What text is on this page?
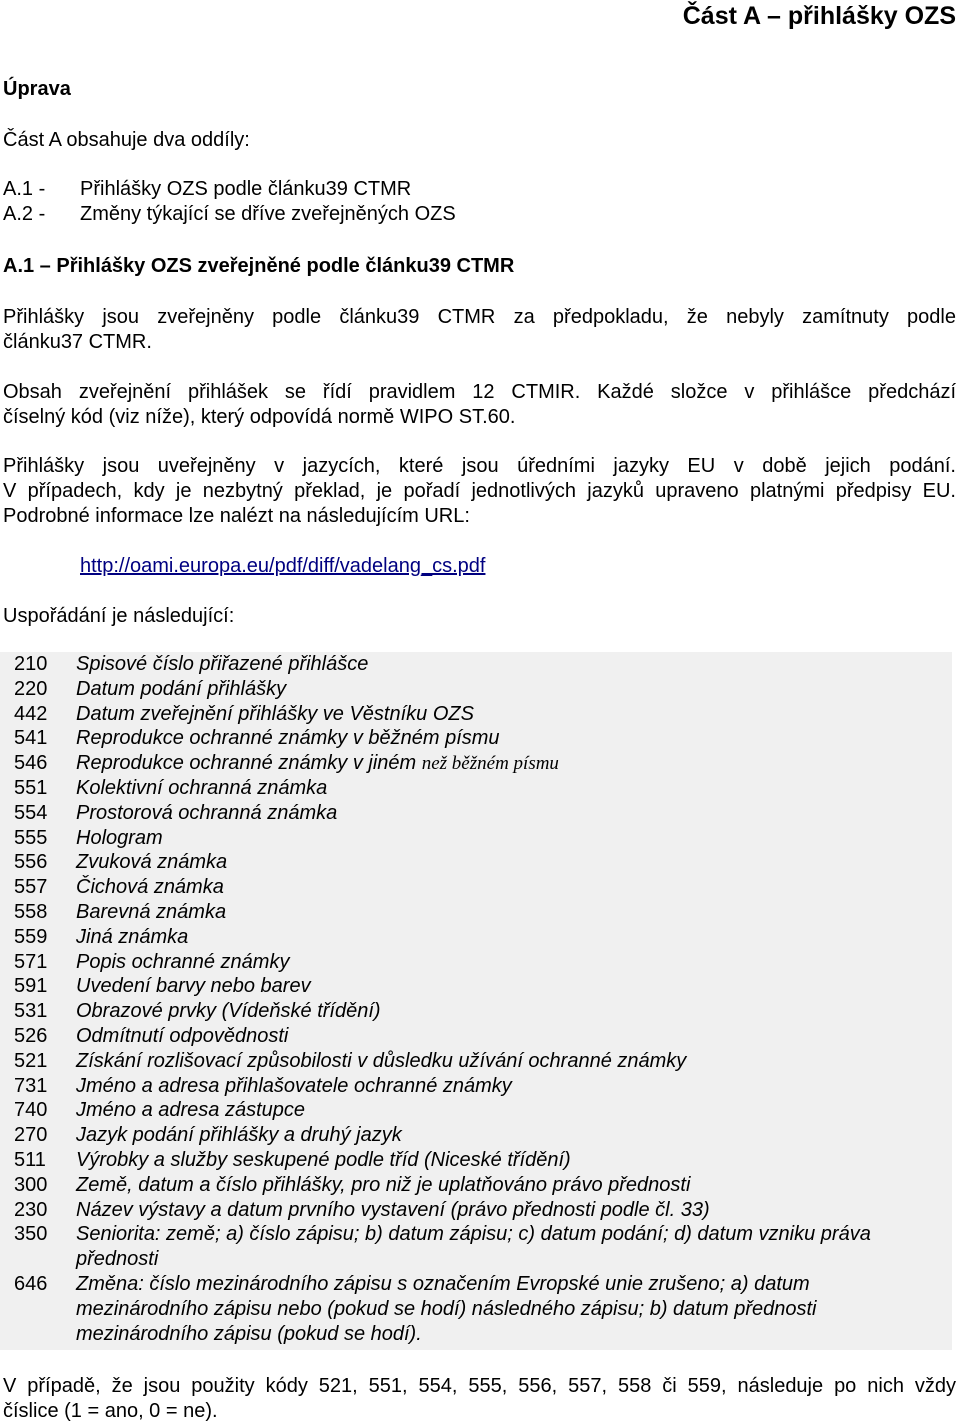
Část A – přihlášky OZS
Úprava
Část A obsahuje dva oddíly:
A.1 - Přihlášky OZS podle článku39 CTMR
A.2 - Změny týkající se dříve zveřejněných OZS
A.1 – Přihlášky OZS zveřejněné podle článku39 CTMR
Přihlášky jsou zveřejněny podle článku39 CTMR za předpokladu, že nebyly zamítnuty podle
článku37 CTMR.
Obsah zveřejnění přihlášek se řídí pravidlem 12 CTMIR. Každé složce v přihlášce předchází
číselný kód (viz níže), který odpovídá normě WIPO ST.60.
Přihlášky jsou uveřejněny v jazycích, které jsou úředními jazyky EU v době jejich podání.
V případech, kdy je nezbytný překlad, je pořadí jednotlivých jazyků upraveno platnými předpisy EU.
Podrobné informace lze nalézt na následujícím URL:
http://oami.europa.eu/pdf/diff/vadelang_cs.pdf
Uspořádání je následující:
210 Spisové číslo přiřazené přihlášce
220 Datum podání přihlášky
442 Datum zveřejnění přihlášky ve Věstníku OZS
541 Reprodukce ochranné známky v běžném písmu
546 Reprodukce ochranné známky v jiném než běžném písmu
551 Kolektivní ochranná známka
554 Prostorová ochranná známka
555 Hologram
556 Zvuková známka
557 Čichová známka
558 Barevná známka
559 Jiná známka
571 Popis ochranné známky
591 Uvedení barvy nebo barev
531 Obrazové prvky (Vídeňské třídění)
526 Odmítnutí odpovědnosti
521 Získání rozlišovací způsobilosti v důsledku užívání ochranné známky
731 Jméno a adresa přihlašovatele ochranné známky
740 Jméno a adresa zástupce
270 Jazyk podání přihlášky a druhý jazyk
511 Výrobky a služby seskupené podle tříd (Niceské třídění)
300 Země, datum a číslo přihlášky, pro niž je uplatňováno právo přednosti
230 Název výstavy a datum prvního vystavení (právo přednosti podle čl. 33)
350 Seniorita: země; a) číslo zápisu; b) datum zápisu; c) datum podání; d) datum vzniku práva přednosti
646 Změna: číslo mezinárodního zápisu s označením Evropské unie zrušeno; a) datum mezinárodního zápisu nebo (pokud se hodí) následného zápisu; b) datum přednosti mezinárodního zápisu (pokud se hodí).
V případě, že jsou použity kódy 521, 551, 554, 555, 556, 557, 558 či 559, následuje po nich vždy
číslice (1 = ano, 0 = ne).
